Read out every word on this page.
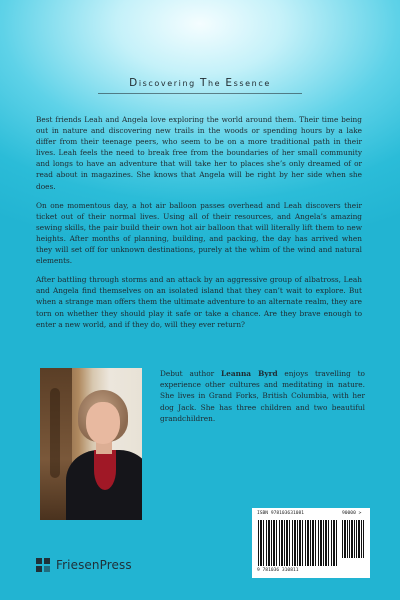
Discovering The Essence

Best friends Leah and Angela love exploring the world around them. Their time being out in nature and discovering new trails in the woods or spending hours by a lake differ from their teenage peers, who seem to be on a more traditional path in their lives. Leah feels the need to break free from the boundaries of her small community and longs to have an adventure that will take her to places she’s only dreamed of or read about in magazines. She knows that Angela will be right by her side when she does.

On one momentous day, a hot air balloon passes overhead and Leah discovers their ticket out of their normal lives. Using all of their resources, and Angela’s amazing sewing skills, the pair build their own hot air balloon that will literally lift them to new heights. After months of planning, building, and packing, the day has arrived when they will set off for unknown destinations, purely at the whim of the wind and natural elements.

After battling through storms and an attack by an aggressive group of albatross, Leah and Angela find themselves on an isolated island that they can’t wait to explore. But when a strange man offers them the ultimate adventure to an alternate realm, they are torn on whether they should play it safe or take a chance. Are they brave enough to enter a new world, and if they do, will they ever return?

Debut author Leanna Byrd enjoys travelling to experience other cultures and meditating in nature. She lives in Grand Forks, British Columbia, with her dog Jack. She has three children and two beautiful grandchildren.
ISBN 978103631081	90000 >
9 781036 310811
FriesenPress
